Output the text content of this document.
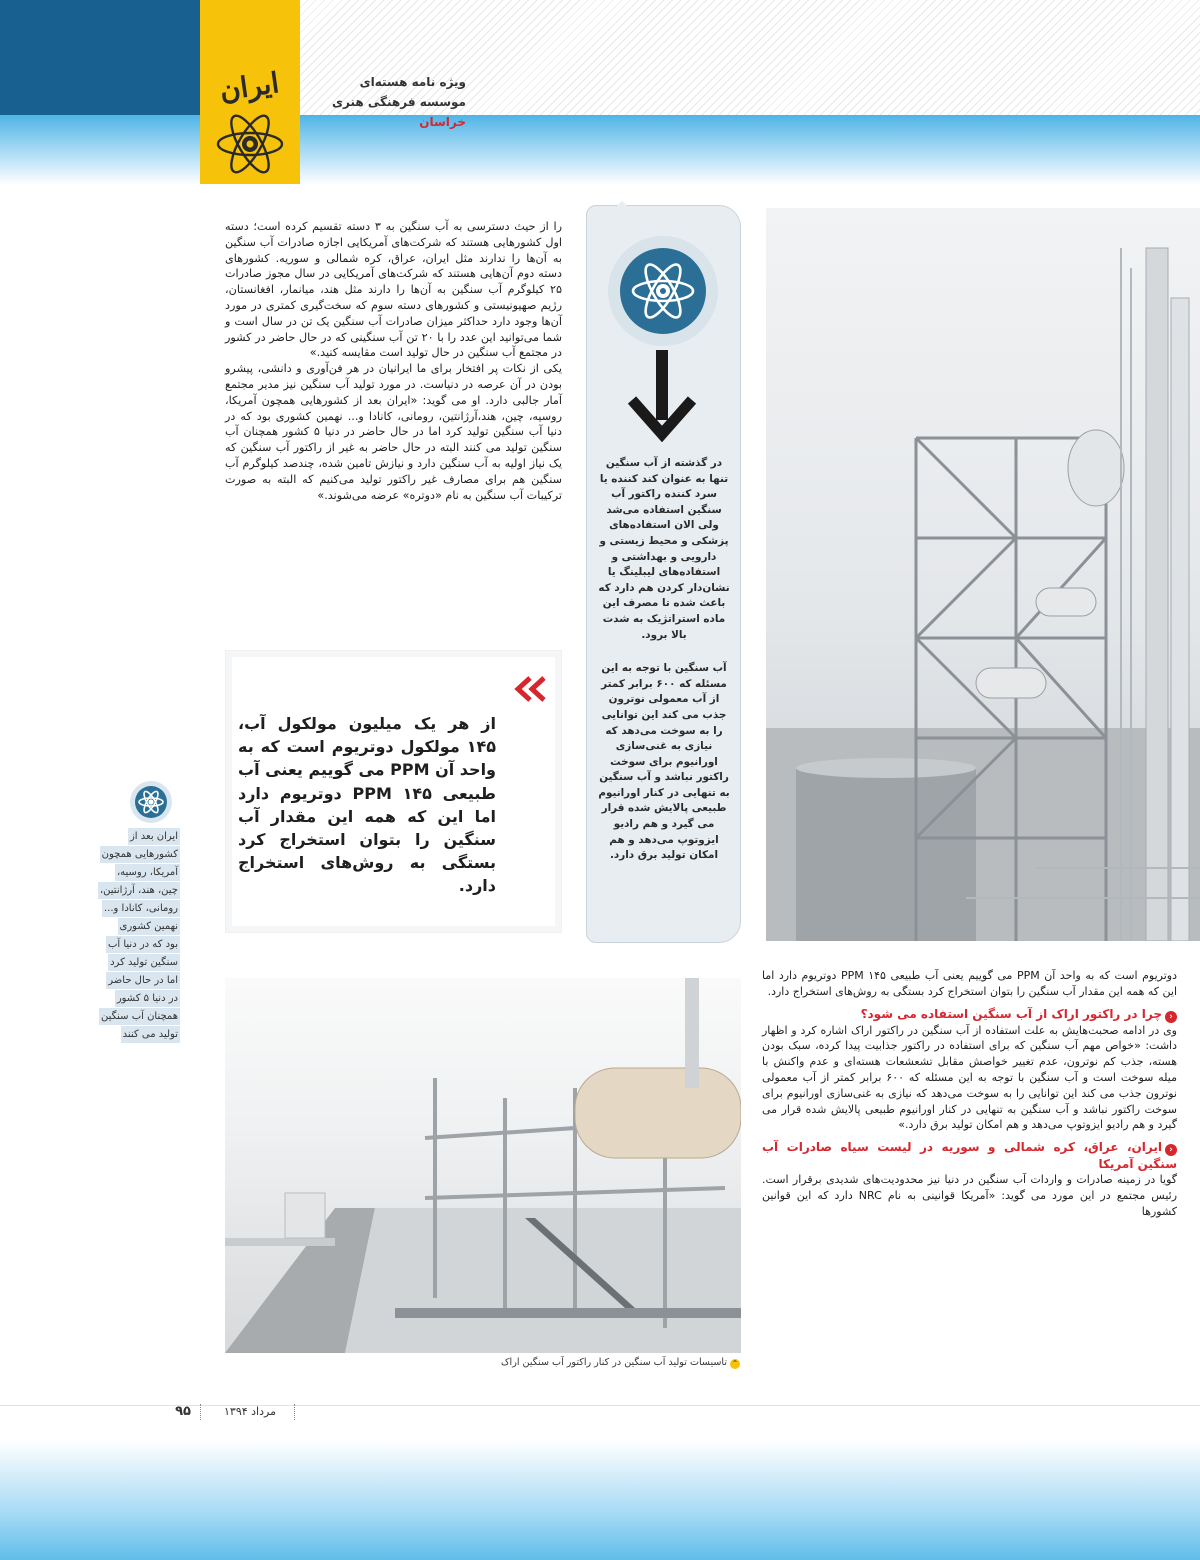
ایران	ویژه نامه هسته‌ای
موسسه فرهنگی هنری خراسان

را از حیث دسترسی به آب سنگین به ۳ دسته تقسیم کرده است؛ دسته اول کشورهایی هستند که شرکت‌های آمریکایی اجازه صادرات آب سنگین به آن‌ها را ندارند مثل ایران، عراق، کره شمالی و سوریه. کشورهای دسته دوم آن‌هایی هستند که شرکت‌های آمریکایی در سال مجوز صادرات ۲۵ کیلوگرم آب سنگین به آن‌ها را دارند مثل هند، میانمار، افغانستان، رژیم صهیونیستی و کشورهای دسته سوم که سخت‌گیری کمتری در مورد آن‌ها وجود دارد حداکثر میزان صادرات آب سنگین یک تن در سال است و شما می‌توانید این عدد را با ۲۰ تن آب سنگینی که در حال حاضر در کشور در مجتمع آب سنگین در حال تولید است مقایسه کنید.»

یکی از نکات پر افتخار برای ما ایرانیان در هر فن‌آوری و دانشی، پیشرو بودن در آن عرصه در دنیاست. در مورد تولید آب سنگین نیز مدیر مجتمع آمار جالبی دارد. او می گوید: «ایران بعد از کشورهایی همچون آمریکا، روسیه، چین، هند،آرژانتین، رومانی، کانادا و... نهمین کشوری بود که در دنیا آب سنگین تولید کرد اما در حال حاضر در دنیا ۵ کشور همچنان آب سنگین تولید می کنند البته در حال حاضر به غیر از راکتور آب سنگین که یک نیاز اولیه به آب سنگین دارد و نیازش تامین شده، چندصد کیلوگرم آب سنگین هم برای مصارف غیر راکتور تولید می‌کنیم که البته به صورت ترکیبات آب سنگین به نام «دوتره» عرضه می‌شوند.»

در گذشته از آب سنگین تنها به عنوان کند کننده یا سرد کننده راکتور آب سنگین استفاده می‌شد ولی الان استفاده‌های پزشکی و محیط زیستی و دارویی و بهداشتی و استفاده‌های لیبلینگ یا نشان‌دار کردن هم دارد که باعث شده تا مصرف این ماده استراتژیک به شدت بالا برود.

آب سنگین با توجه به این مسئله که ۶۰۰ برابر کمتر از آب معمولی نوترون جذب می کند این توانایی را به سوخت می‌دهد که نیازی به غنی‌سازی اورانیوم برای سوخت راکتور نباشد و آب سنگین به تنهایی در کنار اورانیوم طبیعی پالایش شده قرار می گیرد و هم رادیو ایزوتوپ می‌دهد و هم امکان تولید برق دارد.

از هر یک میلیون مولکول آب، ۱۴۵ مولکول دوتریوم است که به واحد آن PPM می گوییم یعنی آب طبیعی ۱۴۵ PPM دوتریوم دارد اما این که همه این مقدار آب سنگین را بتوان استخراج کرد بستگی به روش‌های استخراج دارد.
ایران بعد از
کشورهایی همچون
آمریکا، روسیه،
چین، هند، آرژانتین،
رومانی، کانادا و...
نهمین کشوری
بود که در دنیا آب
سنگین تولید کرد
اما در حال حاضر
در دنیا ۵ کشور
همچنان آب سنگین
تولید می کنند

دوتریوم است که به واحد آن PPM می گوییم یعنی آب طبیعی ۱۴۵ PPM دوتریوم دارد اما این که همه این مقدار آب سنگین را بتوان استخراج کرد بستگی به روش‌های استخراج دارد.

‹چرا در راکتور اراک از آب سنگین استفاده می شود؟

وی در ادامه صحبت‌هایش به علت استفاده از آب سنگین در راکتور اراک اشاره کرد و اظهار داشت: «خواص مهم آب سنگین که برای استفاده در راکتور جذابیت پیدا کرده، سبک بودن هسته، جذب کم نوترون، عدم تغییر خواصش مقابل تشعشعات هسته‌ای و عدم واکنش با میله سوخت است و آب سنگین با توجه به این مسئله که ۶۰۰ برابر کمتر از آب معمولی نوترون جذب می کند این توانایی را به سوخت می‌دهد که نیازی به غنی‌سازی اورانیوم برای سوخت راکتور نباشد و آب سنگین به تنهایی در کنار اورانیوم طبیعی پالایش شده قرار می گیرد و هم رادیو ایزوتوپ می‌دهد و هم امکان تولید برق دارد.»

‹ایران، عراق، کره شمالی و سوریه در لیست سیاه صادرات آب سنگین آمریکا

گویا در زمینه صادرات و واردات آب سنگین در دنیا نیز محدودیت‌های شدیدی برقرار است. رئیس مجتمع در این مورد می گوید: «آمریکا قوانینی به نام NRC دارد که این قوانین کشورها

⌃تاسیسات تولید آب سنگین در کنار راکتور آب سنگین اراک
۹۵	مرداد ۱۳۹۴
